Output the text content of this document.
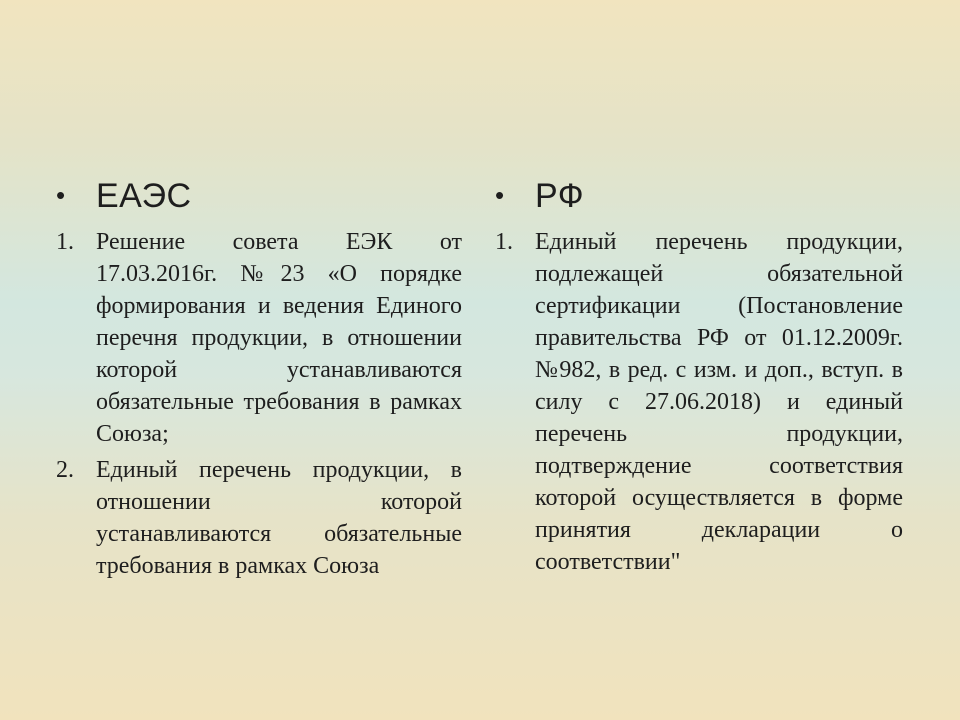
• ЕАЭС
1. Решение совета ЕЭК от 17.03.2016г. №23 «О порядке формирования и ведения Единого перечня продукции, в отношении которой устанавливаются обязательные требования в рамках Союза;
2. Единый перечень продукции, в отношении которой устанавливаются обязательные требования в рамках Союза
• РФ
1. Единый перечень продукции, подлежащей обязательной сертификации (Постановление правительства РФ от 01.12.2009г. №982, в ред. с изм. и доп., вступ. в силу с 27.06.2018) и единый перечень продукции, подтверждение соответствия которой осуществляется в форме принятия декларации о соответствии"
